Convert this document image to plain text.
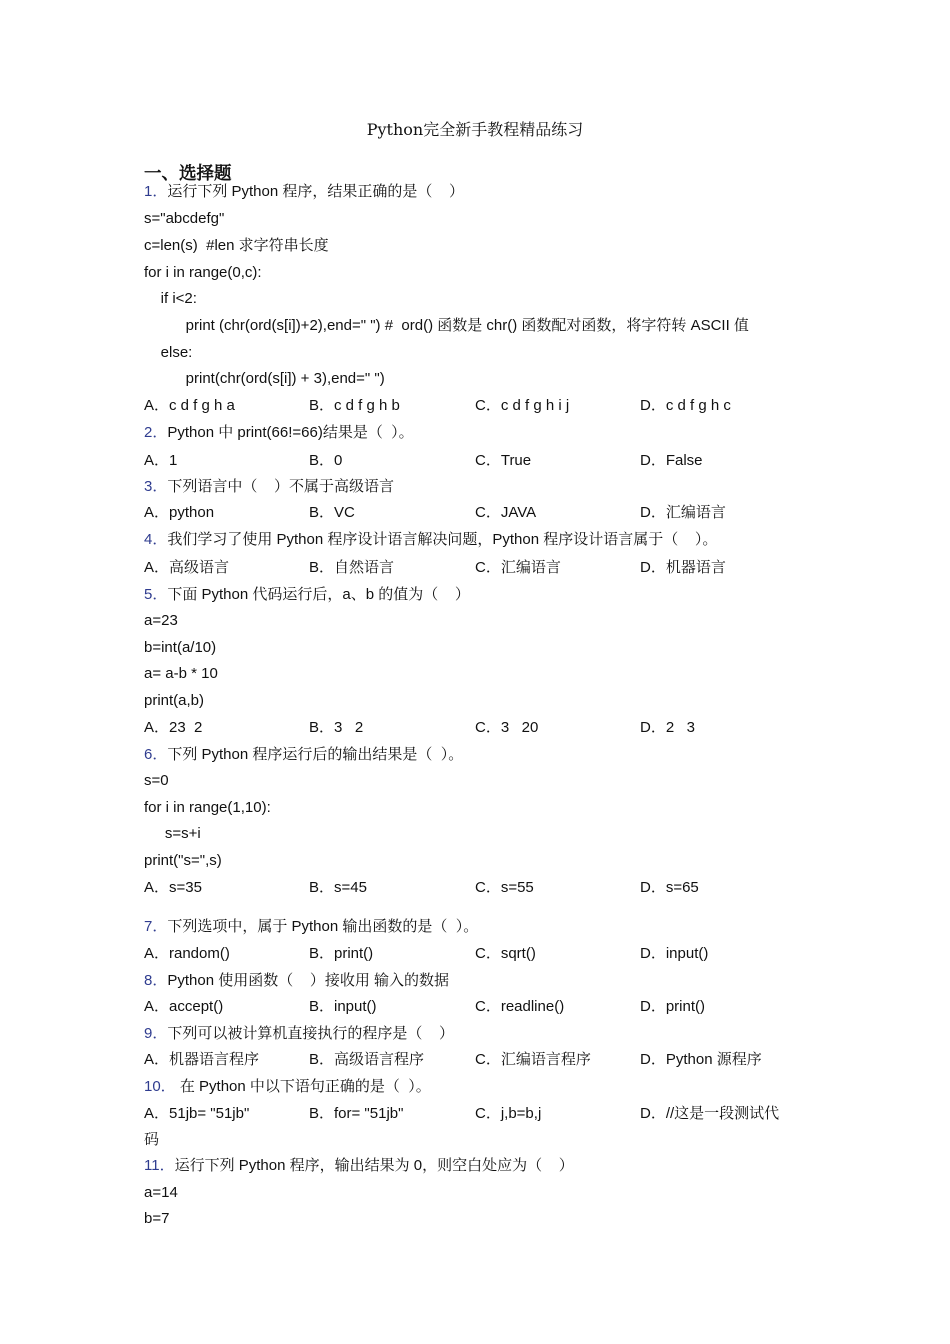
Python完全新手教程精品练习
一、选择题
1．运行下列 Python 程序，结果正确的是（    ）
s="abcdefg"
c=len(s)  #len 求字符串长度
for i in range(0,c):
if i<2:
print (chr(ord(s[i])+2),end=" ") #  ord() 函数是 chr() 函数配对函数，将字符转 ASCII 值
else:
print(chr(ord(s[i]) + 3),end=" ")
A．c d f g h a	B．c d f g h b	C．c d f g h i j	D．c d f g h c
2．Python 中 print(66!=66)结果是（  ）。
A．1	B．0	C．True	D．False
3．下列语言中（    ）不属于高级语言
A．python	B．VC	C．JAVA	D．汇编语言
4．我们学习了使用 Python 程序设计语言解决问题，Python 程序设计语言属于（    ）。
A．高级语言	B．自然语言	C．汇编语言	D．机器语言
5．下面 Python 代码运行后，a、b 的值为（    ）
a=23
b=int(a/10)
a= a-b * 10
print(a,b)
A．23  2	B．3   2	C．3   20	D．2   3
6．下列 Python 程序运行后的输出结果是（  ）。
s=0
for i in range(1,10):
s=s+i
print("s=",s)
A．s=35	B．s=45	C．s=55	D．s=65
7．下列选项中，属于 Python 输出函数的是（  ）。
A．random()	B．print()	C．sqrt()	D．input()
8．Python 使用函数（    ）接收用 输入的数据
A．accept()	B．input()	C．readline()	D．print()
9．下列可以被计算机直接执行的程序是（    ）
A．机器语言程序	B．高级语言程序	C．汇编语言程序	D．Python 源程序
10． 在 Python 中以下语句正确的是（  ）。
A．51jb= "51jb"	B．for= "51jb"	C．j,b=b,j	D．//这是一段测试代
码
11．运行下列 Python 程序，输出结果为 0，则空白处应为（    ）
a=14
b=7
